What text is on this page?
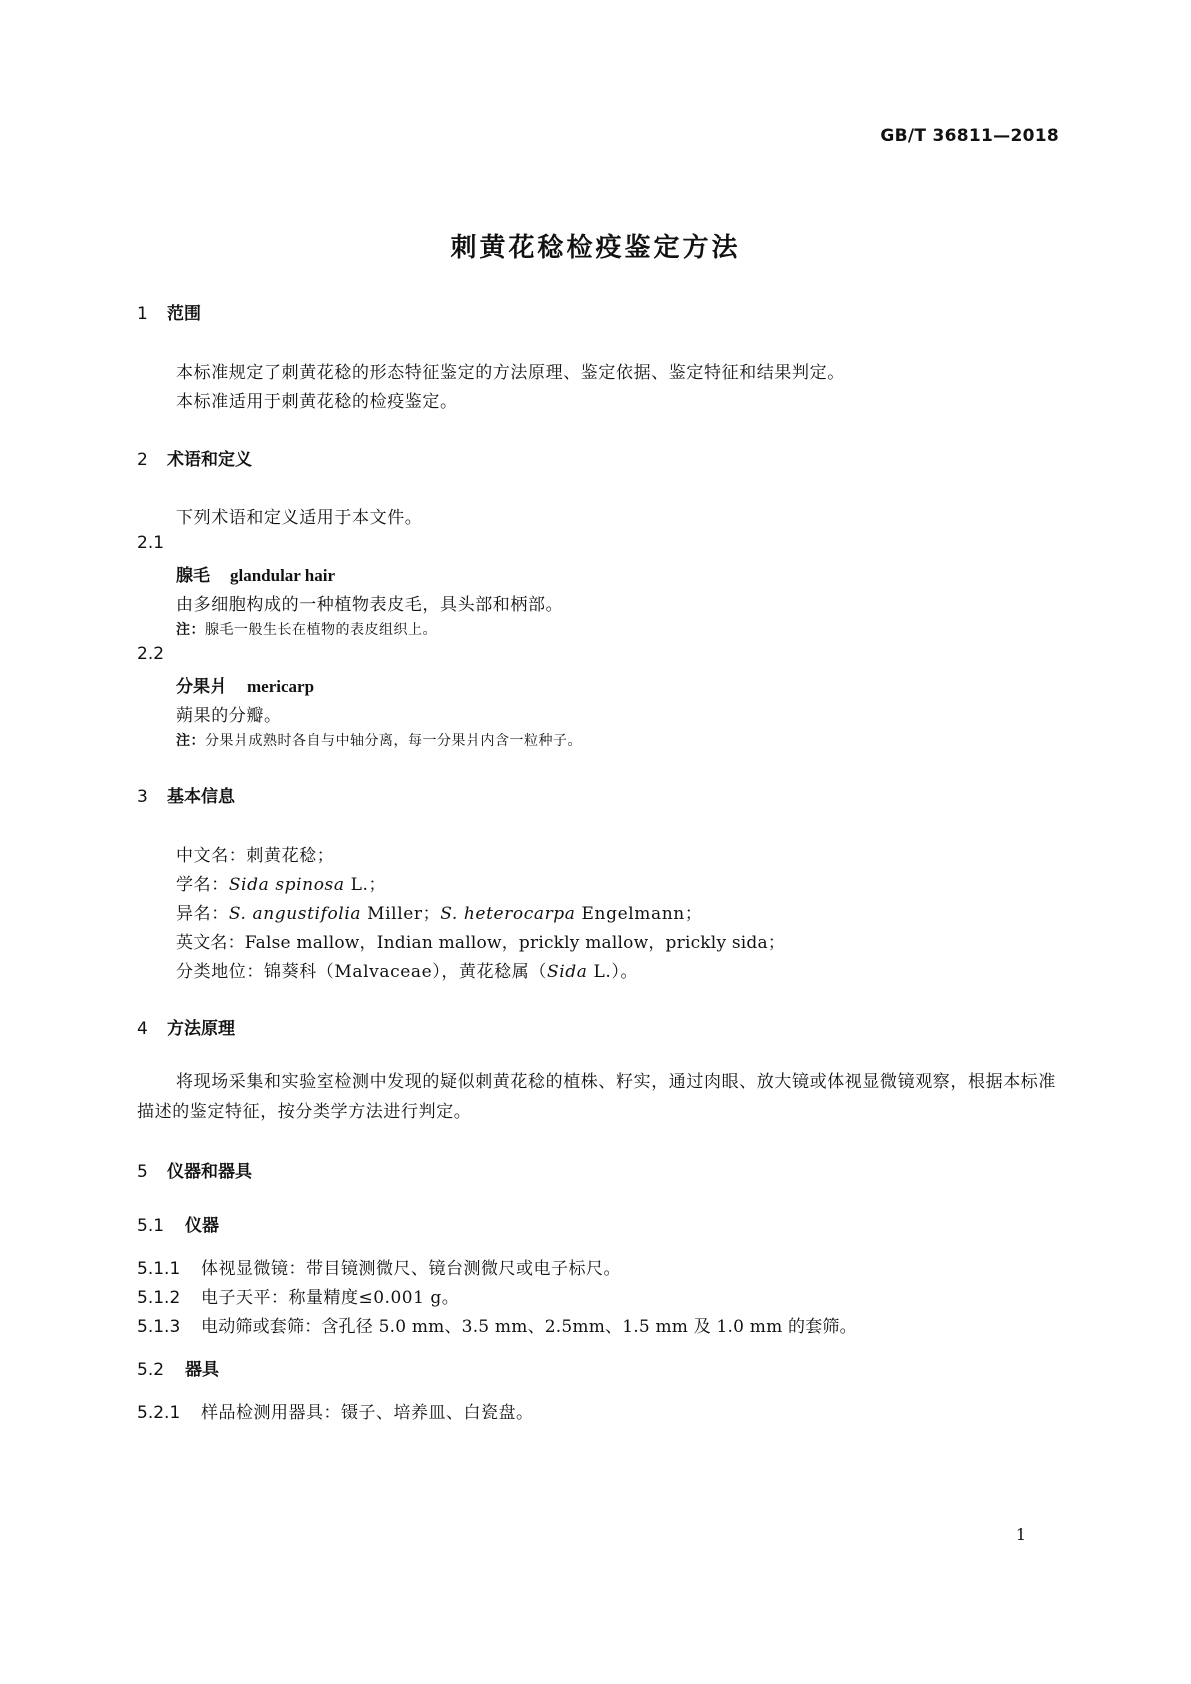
GB/T 36811—2018
刺黄花稔检疫鉴定方法
1 范围
本标准规定了刺黄花稔的形态特征鉴定的方法原理、鉴定依据、鉴定特征和结果判定。
本标准适用于刺黄花稔的检疫鉴定。
2 术语和定义
下列术语和定义适用于本文件。
2.1
腺毛 glandular hair
由多细胞构成的一种植物表皮毛，具头部和柄部。
注：腺毛一般生长在植物的表皮组织上。
2.2
分果爿 mericarp
蒴果的分瓣。
注：分果爿成熟时各自与中轴分离，每一分果爿内含一粒种子。
3 基本信息
中文名：刺黄花稔；
学名：Sida spinosa L.；
异名：S. angustifolia Miller；S. heterocarpa Engelmann；
英文名：False mallow，Indian mallow，prickly mallow，prickly sida；
分类地位：锦葵科（Malvaceae），黄花稔属（Sida L.）。
4 方法原理
将现场采集和实验室检测中发现的疑似刺黄花稔的植株、籽实，通过肉眼、放大镜或体视显微镜观察，根据本标准描述的鉴定特征，按分类学方法进行判定。
5 仪器和器具
5.1 仪器
5.1.1 体视显微镜：带目镜测微尺、镜台测微尺或电子标尺。
5.1.2 电子天平：称量精度≤0.001 g。
5.1.3 电动筛或套筛：含孔径 5.0 mm、3.5 mm、2.5mm、1.5 mm 及 1.0 mm 的套筛。
5.2 器具
5.2.1 样品检测用器具：镊子、培养皿、白瓷盘。
1
